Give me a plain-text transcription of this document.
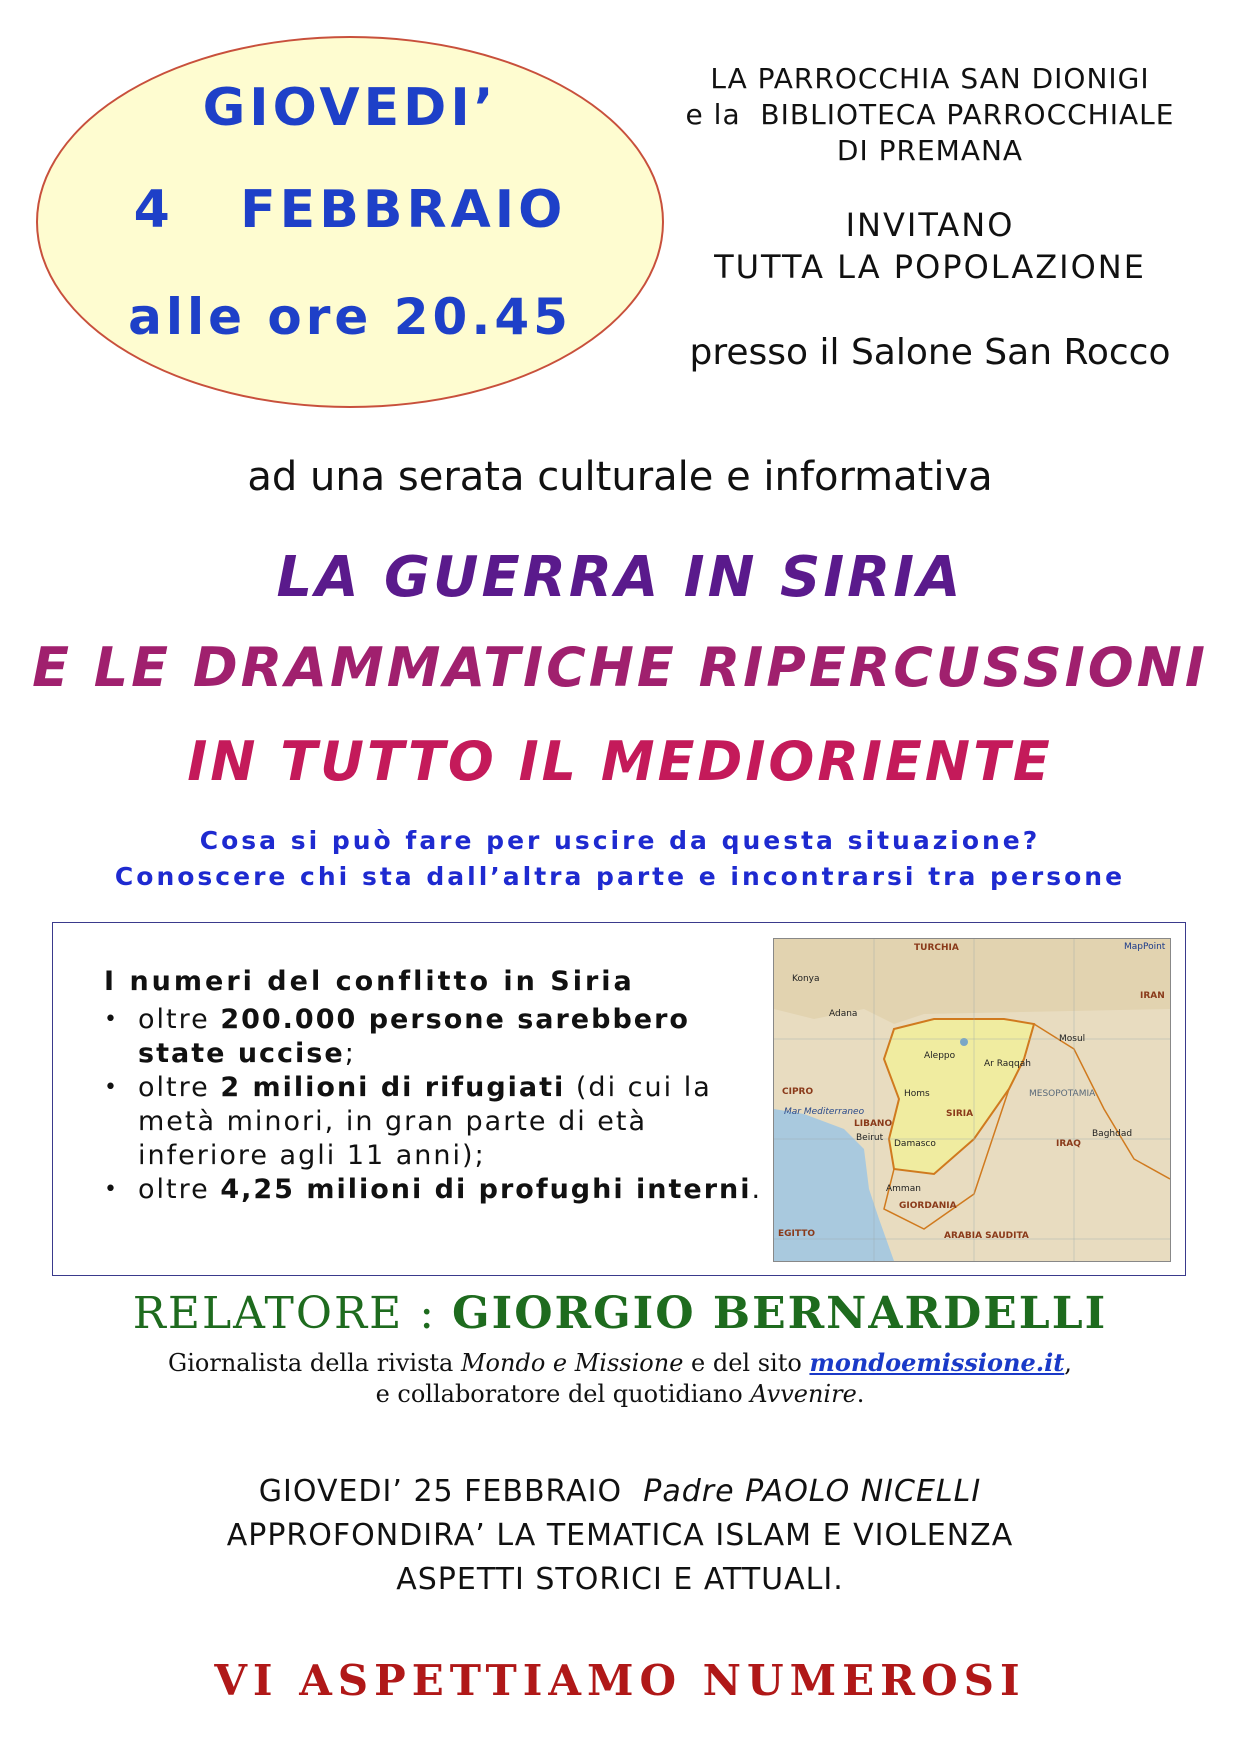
GIOVEDI’
4   FEBBRAIO
alle ore 20.45
LA PARROCCHIA SAN DIONIGI
e la  BIBLIOTECA PARROCCHIALE
DI PREMANA
INVITANO
TUTTA LA POPOLAZIONE
presso il Salone San Rocco
ad una serata culturale e informativa
LA GUERRA IN SIRIA
E LE DRAMMATICHE RIPERCUSSIONI
IN TUTTO IL MEDIORIENTE
Cosa si può fare per uscire da questa situazione?
Conoscere chi sta dall’altra parte e incontrarsi tra persone
I numeri del conflitto in Siria
• oltre 200.000 persone sarebbero state uccise;
• oltre 2 milioni di rifugiati (di cui la metà minori, in gran parte di età inferiore agli 11 anni);
• oltre 4,25 milioni di profughi interni.
TURCHIA	MapPoint
Konya
Adana
IRAN
Mosul
Aleppo
Ar Raqqah
CIPRO	Homs	MESOPOTAMIA
Mar Mediterraneo	SIRIA
LIBANO
Beirut
IRAQ
Damasco
Baghdad
Amman
GIORDANIA
EGITTO	ARABIA SAUDITA
RELATORE : GIORGIO BERNARDELLI
Giornalista della rivista Mondo e Missione e del sito mondoemissione.it,
e collaboratore del quotidiano Avvenire.
GIOVEDI’ 25 FEBBRAIO  Padre PAOLO NICELLI
APPROFONDIRA’ LA TEMATICA ISLAM E VIOLENZA
ASPETTI STORICI E ATTUALI.
VI ASPETTIAMO NUMEROSI
